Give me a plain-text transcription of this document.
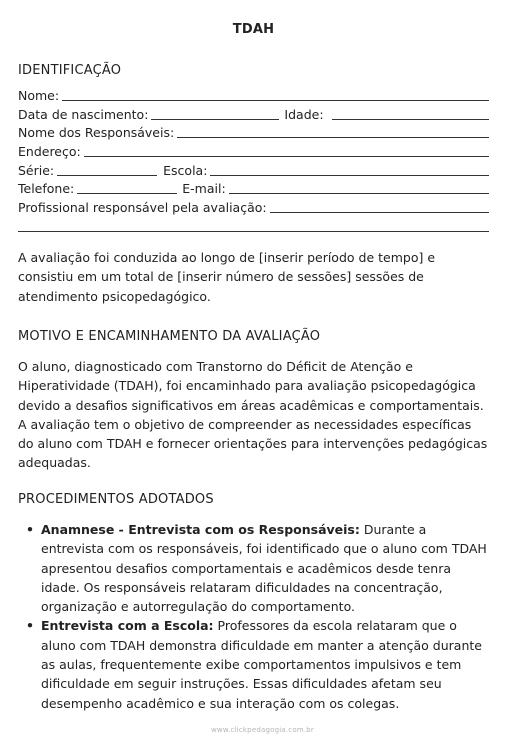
TDAH
IDENTIFICAÇÃO
Nome:
Data de nascimento:	Idade:
Nome dos Responsáveis:
Endereço:
Série:	Escola:
Telefone:	E-mail:
Profissional responsável pela avaliação:

A avaliação foi conduzida ao longo de [inserir período de tempo] e consistiu em um total de [inserir número de sessões] sessões de atendimento psicopedagógico.

MOTIVO E ENCAMINHAMENTO DA AVALIAÇÃO

O aluno, diagnosticado com Transtorno do Déficit de Atenção e Hiperatividade (TDAH), foi encaminhado para avaliação psicopedagógica devido a desafios significativos em áreas acadêmicas e comportamentais. A avaliação tem o objetivo de compreender as necessidades específicas do aluno com TDAH e fornecer orientações para intervenções pedagógicas adequadas.

PROCEDIMENTOS ADOTADOS
• Anamnese - Entrevista com os Responsáveis: Durante a entrevista com os responsáveis, foi identificado que o aluno com TDAH apresentou desafios comportamentais e acadêmicos desde tenra idade. Os responsáveis relataram dificuldades na concentração, organização e autorregulação do comportamento.
• Entrevista com a Escola: Professores da escola relataram que o aluno com TDAH demonstra dificuldade em manter a atenção durante as aulas, frequentemente exibe comportamentos impulsivos e tem dificuldade em seguir instruções. Essas dificuldades afetam seu desempenho acadêmico e sua interação com os colegas.
www.clickpedagogia.com.br
